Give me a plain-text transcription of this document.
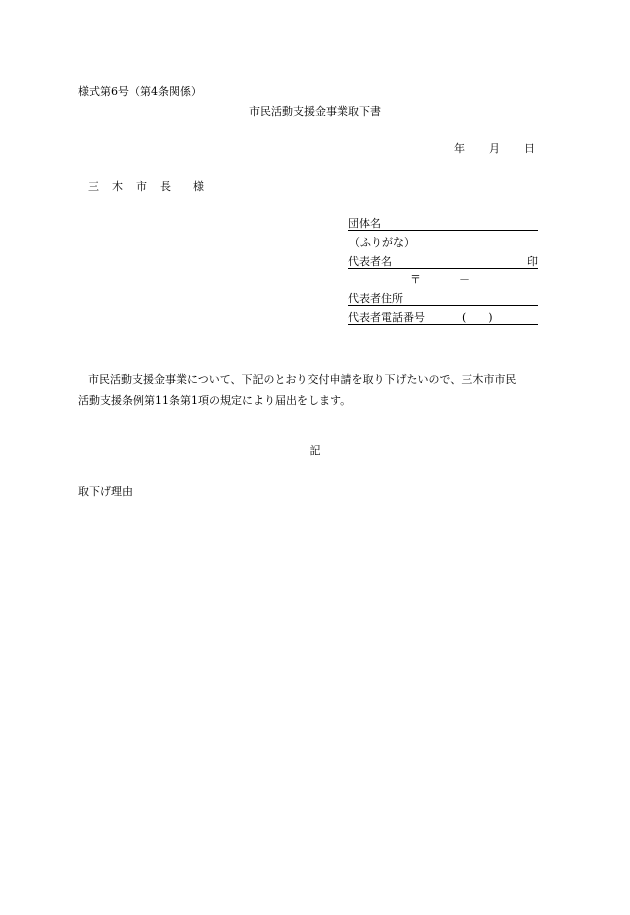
様式第6号（第4条関係）
市民活動支援金事業取下書
年 月 日
三 木 市 長 様
団体名
（ふりがな）
代表者名	印
〒	－
代表者住所
代表者電話番号	(　　)

市民活動支援金事業について、下記のとおり交付申請を取り下げたいので、三木市市民

活動支援条例第11条第1項の規定により届出をします。

記
取下げ理由
